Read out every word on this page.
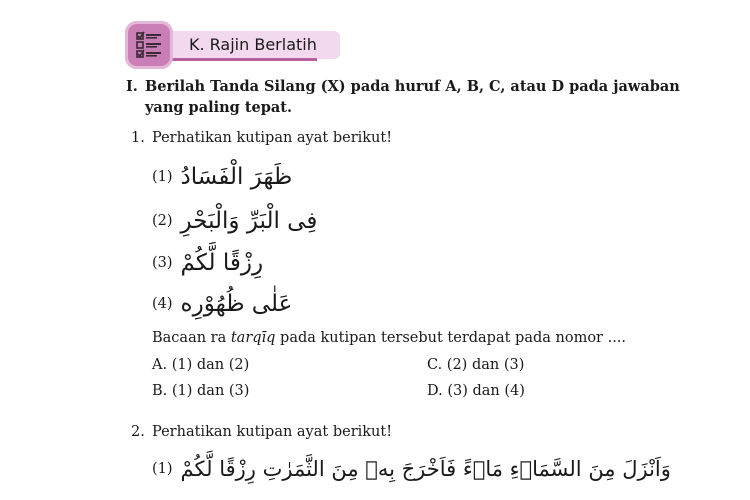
K. Rajin Berlatih
I. Berilah Tanda Silang (X) pada huruf A, B, C, atau D pada jawaban yang paling tepat.
1. Perhatikan kutipan ayat berikut!
(1) ظَهَرَ الْفَسَادُ
(2) فِى الْبَرِّ وَالْبَحْرِ
(3) رِزْقًا لَّكُمْ
(4) عَلٰى ظُهُوْرِه
Bacaan ra tarqīq pada kutipan tersebut terdapat pada nomor ....
A. (1) dan (2)
B. (1) dan (3)
C. (2) dan (3)
D. (3) dan (4)
2. Perhatikan kutipan ayat berikut!
(1) وَاَنْزَلَ مِنَ السَّمَاۤءِ مَاۤءً فَاَخْرَجَ بِهٖ مِنَ الثَّمَرٰتِ رِزْقًا لَّكُمْ
